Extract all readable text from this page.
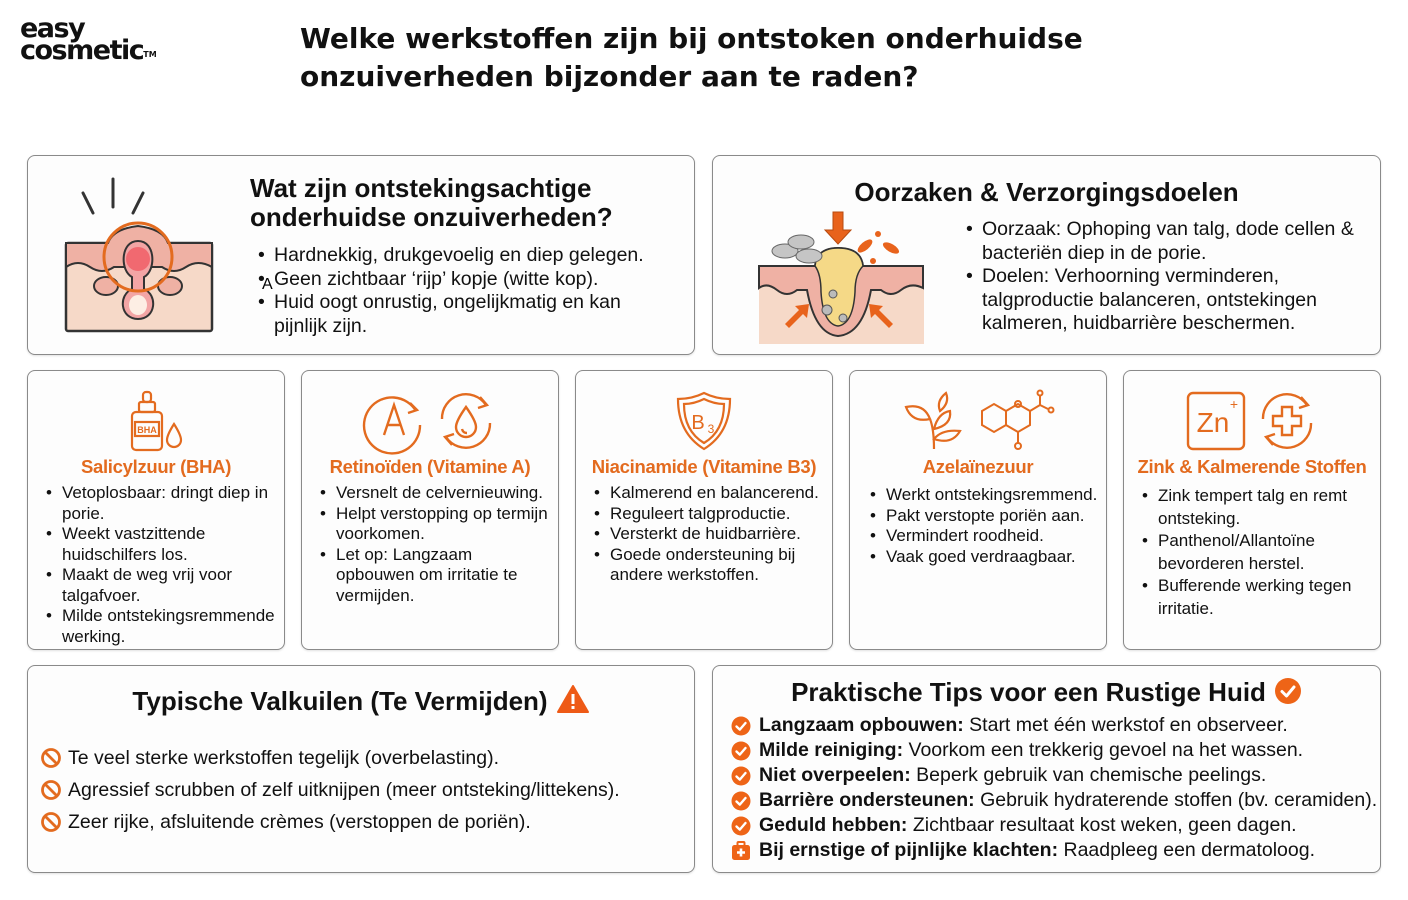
easy
cosmetic™	Welke werkstoffen zijn bij ontstoken onderhuidse onzuiverheden bijzonder aan te raden?
Wat zijn ontstekingsachtige onderhuidse onzuiverheden?
• Hardnekkig, drukgevoelig en diep gelegen.
• Geen zichtbaar ‘rijp’ kopje (witte kop).
• Huid oogt onrustig, ongelijkmatig en kan pijnlijk zijn.
Oorzaken & Verzorgingsdoelen
• Oorzaak: Ophoping van talg, dode cellen & bacteriën diep in de porie.
• Doelen: Verhoorning verminderen, talgproductie balanceren, ontstekingen kalmeren, huidbarrière beschermen.
BHA
Salicylzuur (BHA)
• Vetoplosbaar: dringt diep in porie.
• Weekt vastzittende huidschilfers los.
• Maakt de weg vrij voor talgafvoer.
• Milde ontstekingsremmende werking.
A
Retinoïden (Vitamine A)
• Versnelt de celvernieuwing.
• Helpt verstopping op termijn voorkomen.
• Let op: Langzaam opbouwen om irritatie te vermijden.
B 3
Niacinamide (Vitamine B3)
• Kalmerend en balancerend.
• Reguleert talgproductie.
• Versterkt de huidbarrière.
• Goede ondersteuning bij andere werkstoffen.
Azelaïnezuur
• Werkt ontstekingsremmend.
• Pakt verstopte poriën aan.
• Vermindert roodheid.
• Vaak goed verdraagbaar.
Zn
+
Zink & Kalmerende Stoffen
• Zink tempert talg en remt ontsteking.
• Panthenol/Allantoïne bevorderen herstel.
• Bufferende werking tegen irritatie.
Typische Valkuilen (Te Vermijden)
Te veel sterke werkstoffen tegelijk (overbelasting).
Agressief scrubben of zelf uitknijpen (meer ontsteking/littekens).
Zeer rijke, afsluitende crèmes (verstoppen de poriën).
Praktische Tips voor een Rustige Huid
Langzaam opbouwen: Start met één werkstof en observeer.
Milde reiniging: Voorkom een trekkerig gevoel na het wassen.
Niet overpeelen: Beperk gebruik van chemische peelings.
Barrière ondersteunen: Gebruik hydraterende stoffen (bv. ceramiden).
Geduld hebben: Zichtbaar resultaat kost weken, geen dagen.
Bij ernstige of pijnlijke klachten: Raadpleeg een dermatoloog.
